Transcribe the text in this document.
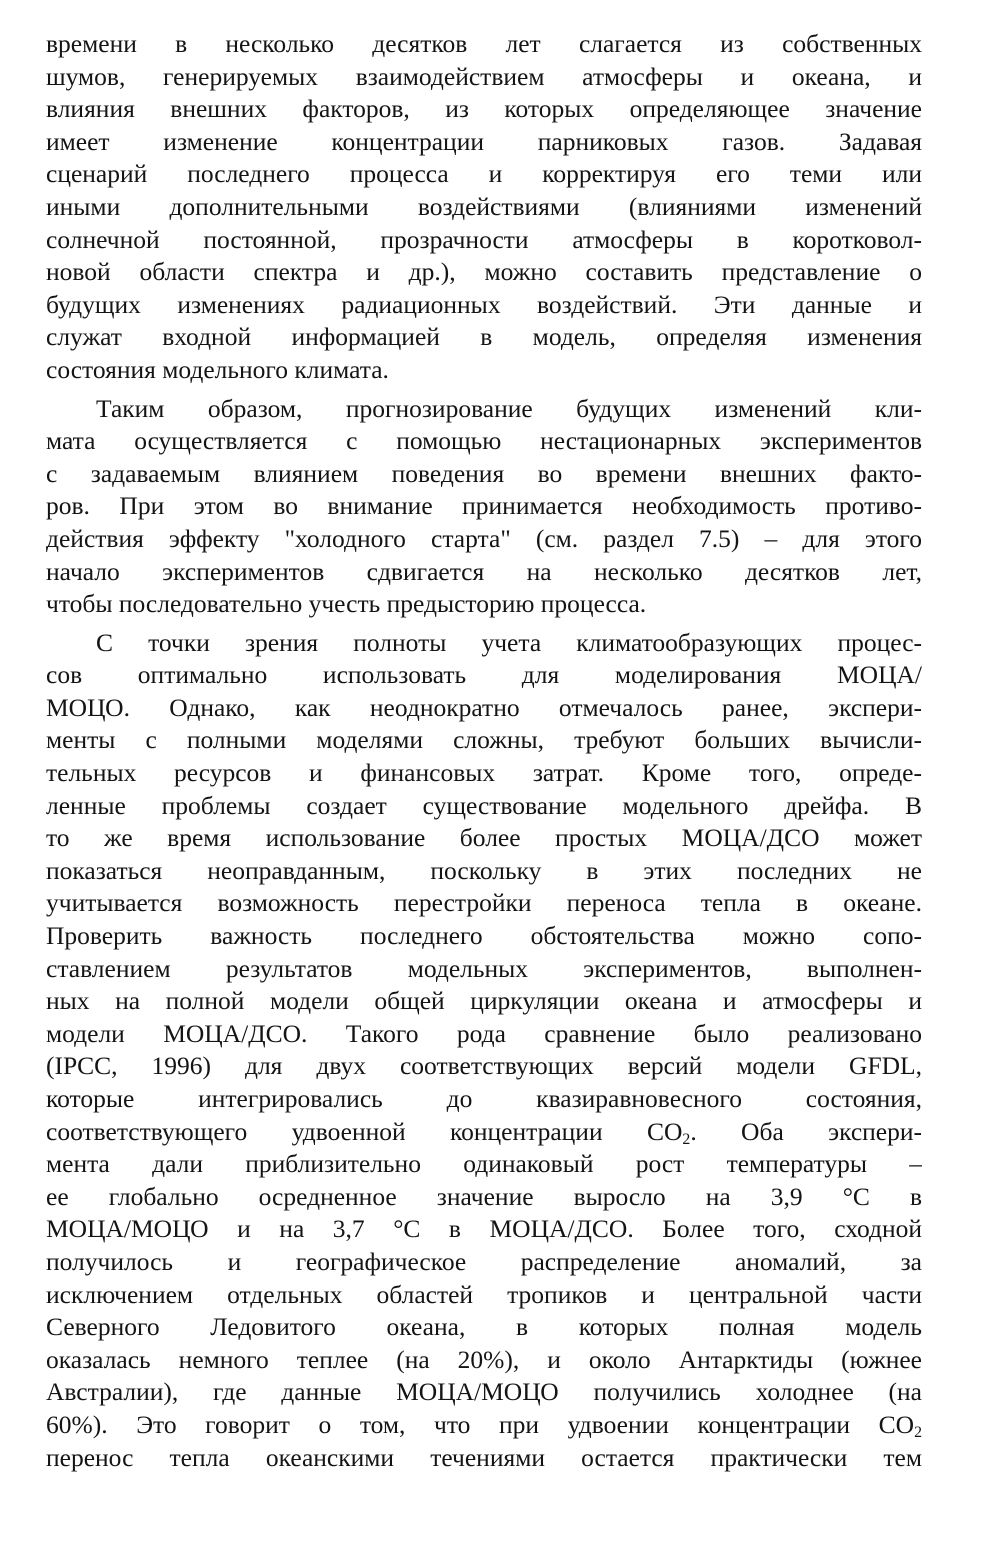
времени в несколько десятков лет слагается из собственных
шумов, генерируемых взаимодействием атмосферы и океана, и
влияния внешних факторов, из которых определяющее значение
имеет изменение концентрации парниковых газов. Задавая
сценарий последнего процесса и корректируя его теми или
иными дополнительными воздействиями (влияниями изменений
солнечной постоянной, прозрачности атмосферы в коротковол-
новой области спектра и др.), можно составить представление о
будущих изменениях радиационных воздействий. Эти данные и
служат входной информацией в модель, определяя изменения
состояния модельного климата.
Таким образом, прогнозирование будущих изменений кли-
мата осуществляется с помощью нестационарных экспериментов
с задаваемым влиянием поведения во времени внешних факто-
ров. При этом во внимание принимается необходимость противо-
действия эффекту "холодного старта" (см. раздел 7.5) – для этого
начало экспериментов сдвигается на несколько десятков лет,
чтобы последовательно учесть предысторию процесса.
С точки зрения полноты учета климатообразующих процес-
сов оптимально использовать для моделирования МОЦА/
МОЦО. Однако, как неоднократно отмечалось ранее, экспери-
менты с полными моделями сложны, требуют больших вычисли-
тельных ресурсов и финансовых затрат. Кроме того, опреде-
ленные проблемы создает существование модельного дрейфа. В
то же время использование более простых МОЦА/ДСО может
показаться неоправданным, поскольку в этих последних не
учитывается возможность перестройки переноса тепла в океане.
Проверить важность последнего обстоятельства можно сопо-
ставлением результатов модельных экспериментов, выполнен-
ных на полной модели общей циркуляции океана и атмосферы и
модели МОЦА/ДСО. Такого рода сравнение было реализовано
(IPCC, 1996) для двух соответствующих версий модели GFDL,
которые интегрировались до квазиравновесного состояния,
соответствующего удвоенной концентрации $CO_2$. Оба экспери-
мента дали приблизительно одинаковый рост температуры –
ее глобально осредненное значение выросло на 3,9 °С в
МОЦА/МОЦО и на 3,7 °С в МОЦА/ДСО. Более того, сходной
получилось и географическое распределение аномалий, за
исключением отдельных областей тропиков и центральной части
Северного Ледовитого океана, в которых полная модель
оказалась немного теплее (на 20%), и около Антарктиды (южнее
Австралии), где данные МОЦА/МОЦО получились холоднее (на
60%). Это говорит о том, что при удвоении концентрации $CO_2$
перенос тепла океанскими течениями остается практически тем
